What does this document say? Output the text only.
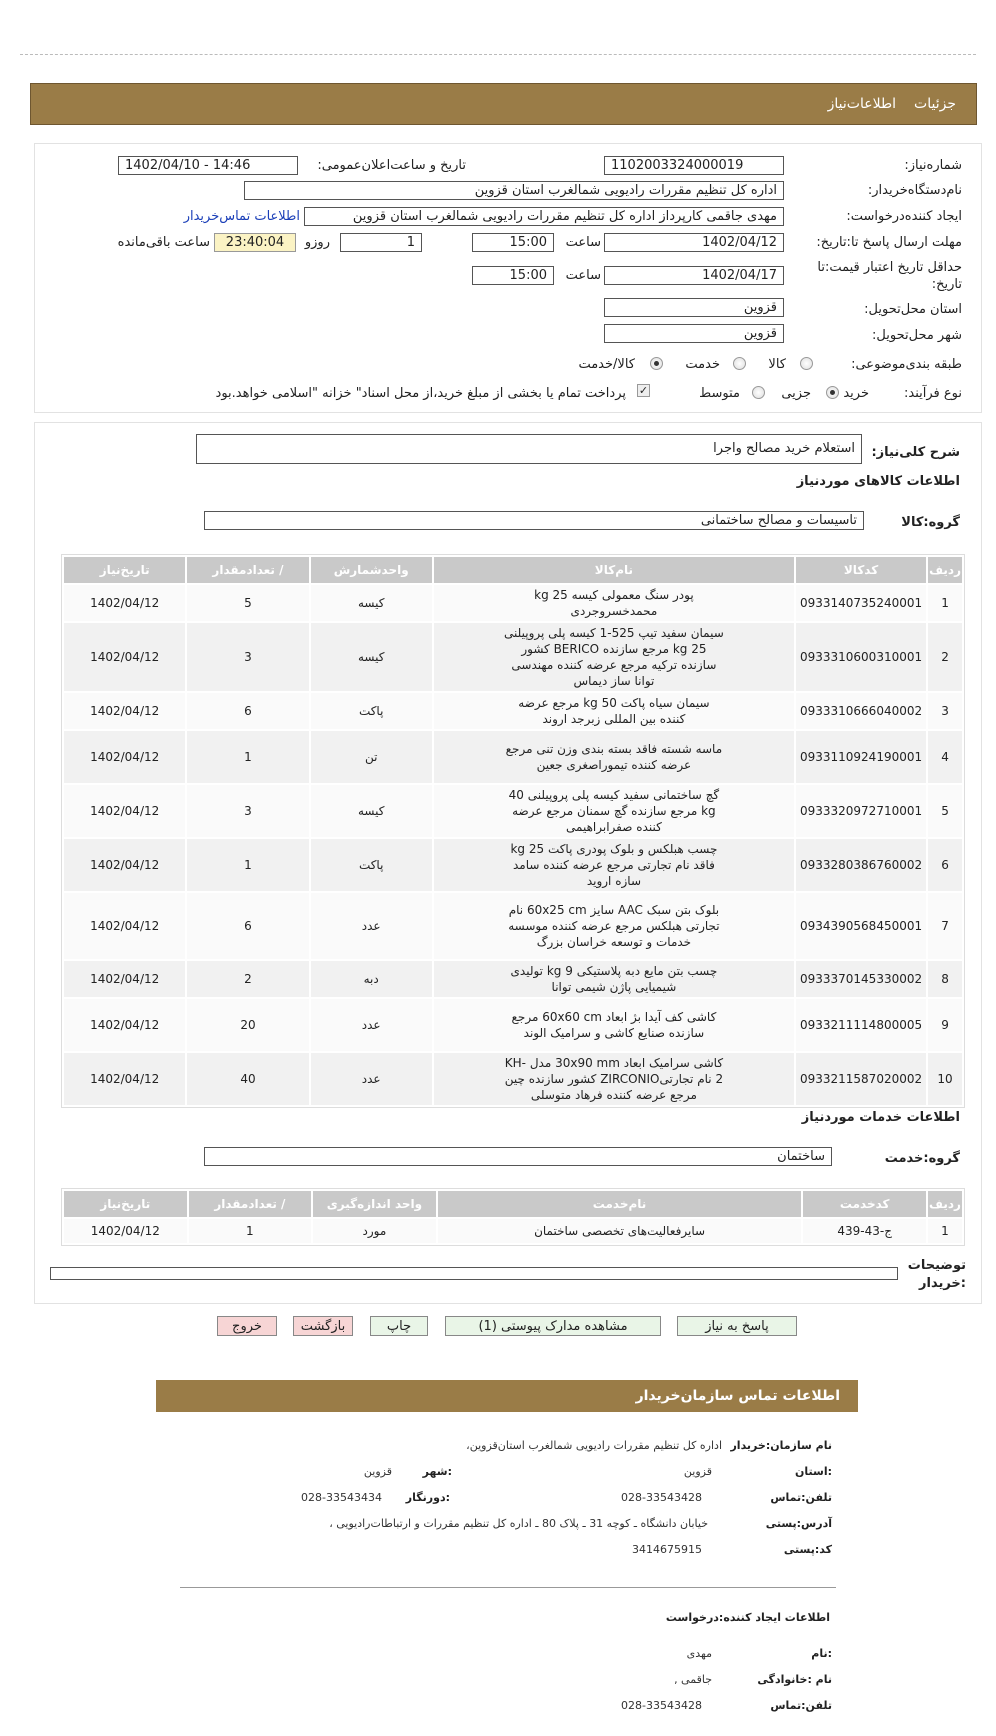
جزئیات
اطلاعات‌نیاز
شماره‌نیاز:
1102003324000019
تاریخ و ساعت‌اعلان‌عمومی:
1402/04/10 - 14:46
نام‌دستگاه‌خریدار:
اداره کل تنظیم مقررات رادیویی شمالغرب استان قزوین
ایجاد کننده‌درخواست:
مهدی جاقمی کارپرداز اداره کل تنظیم مقررات رادیویی شمالغرب استان قزوین
اطلاعات تماس‌خریدار
مهلت ارسال پاسخ تا:تاریخ:
1402/04/12
ساعت
15:00
1
روزو
23:40:04
ساعت باقی‌مانده
حداقل تاریخ اعتبار قیمت:تا
تاریخ:
1402/04/17
ساعت
15:00
استان محل‌تحویل:
قزوین
شهر محل‌تحویل:
قزوین
طبقه بندی‌موضوعی:
کالا
خدمت
کالا/خدمت
نوع فرآیند:
خرید
جزیی
متوسط
✓
پرداخت تمام یا بخشی از مبلغ خرید،از محل اسناد" خزانه "اسلامی خواهد.بود
شرح کلی‌نیاز:
استعلام خرید مصالح واجرا
اطلاعات کالاهای موردنیاز
گروه:کالا
تاسیسات و مصالح ساختمانی
ردیف	کدکالا	نام‌کالا	واحدشمارش	/ تعدادمقدار	تاریخ‌نیاز
1	0933140735240001	پودر سنگ معمولی کیسه 25 kg محمدخسروجردی	کیسه	5	1402/04/12
2	0933310600310001	سیمان سفید تیپ 525-1 کیسه پلی پروپیلنی 25 kg مرجع سازنده BERICO کشور سازنده ترکیه مرجع عرضه کننده مهندسی توانا ساز دیماس	کیسه	3	1402/04/12
3	0933310666040002	سیمان سیاه پاکت 50 kg مرجع عرضه کننده بین المللی زبرجد اروند	پاکت	6	1402/04/12
4	0933110924190001	ماسه شسته فاقد بسته بندی وزن تنی مرجع عرضه کننده تیموراصغری جعین	تن	1	1402/04/12
5	0933320972710001	گچ ساختمانی سفید کیسه پلی پروپیلنی 40 kg مرجع سازنده گچ سمنان مرجع عرضه کننده صفرابراهیمی	کیسه	3	1402/04/12
6	0933280386760002	چسب هبلکس و بلوک پودری پاکت 25 kg فاقد نام تجارتی مرجع عرضه کننده سامد سازه اروید	پاکت	1	1402/04/12
7	0934390568450001	بلوک بتن سبک AAC سایز 60x25 cm نام تجارتی هبلکس مرجع عرضه کننده موسسه خدمات و توسعه خراسان بزرگ	عدد	6	1402/04/12
8	0933370145330002	چسب بتن مایع دبه پلاستیکی 9 kg تولیدی شیمیایی پاژن شیمی توانا	دبه	2	1402/04/12
9	0933211114800005	کاشی کف آیدا بژ ابعاد 60x60 cm مرجع سازنده صنایع کاشی و سرامیک الوند	عدد	20	1402/04/12
10	0933211587020002	کاشی سرامیک ابعاد 30x90 mm مدل KH-2 نام تجارتیZIRCONIO کشور سازنده چین مرجع عرضه کننده فرهاد متوسلی	عدد	40	1402/04/12
اطلاعات خدمات موردنیاز
گروه:خدمت
ساختمان
ردیف	کدخدمت	نام‌خدمت	واحد اندازه‌گیری	/ تعدادمقدار	تاریخ‌نیاز
1	ج-43-439	سایرفعالیت‌های تخصصی ساختمان	مورد	1	1402/04/12
توضیحات
:خریدار
پاسخ به نیاز
مشاهده مدارک پیوستی (1)
چاپ
بازگشت
خروج
اطلاعات تماس سازمان‌خریدار
نام سازمان:خریدار
اداره کل تنظیم مقررات رادیویی شمالغرب استان‌قزوین،
:استان
قزوین
:شهر
قزوین
تلفن:تماس
028-33543428
:دورنگار
028-33543434
آدرس:پستی
خیابان دانشگاه ـ کوچه 31 ـ پلاک 80 ـ اداره کل تنظیم مقررات و ارتباطات‌رادیویی ،
کد:پستی
3414675915
اطلاعات ایجاد کننده:درخواست
:نام
مهدی
نام :خانوادگی
جاقمی ,
تلفن:تماس
028-33543428
